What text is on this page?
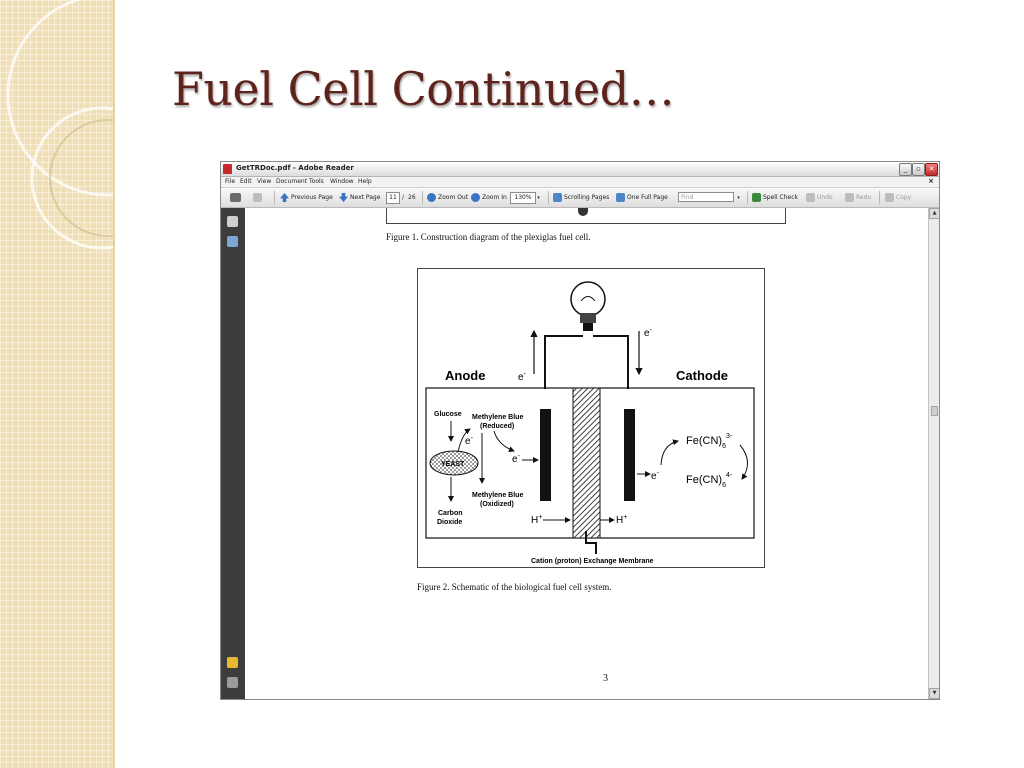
Fuel Cell Continued…
GetTRDoc.pdf - Adobe Reader	_	▫	✕
File Edit View Document Tools Window Help	×
Previous Page	Next Page	11 / 26	Zoom Out	Zoom In	130%	▾	Scrolling Pages	One Full Page	Find	▾	Spell Check	Undo	Redo	Copy
Figure 1. Construction diagram of the plexiglas fuel cell.
e-
e-
Anode	Cathode
Glucose
YEAST
Carbon Dioxide
e-
Methylene Blue (Reduced)
e-
Methylene Blue (Oxidized)
H+	H+
e-
$Fe(CN)_6^{3-}$
$Fe(CN)_6^{4-}$
Cation (proton) Exchange Membrane
Figure 2. Schematic of the biological fuel cell system.
3
▲
▼
